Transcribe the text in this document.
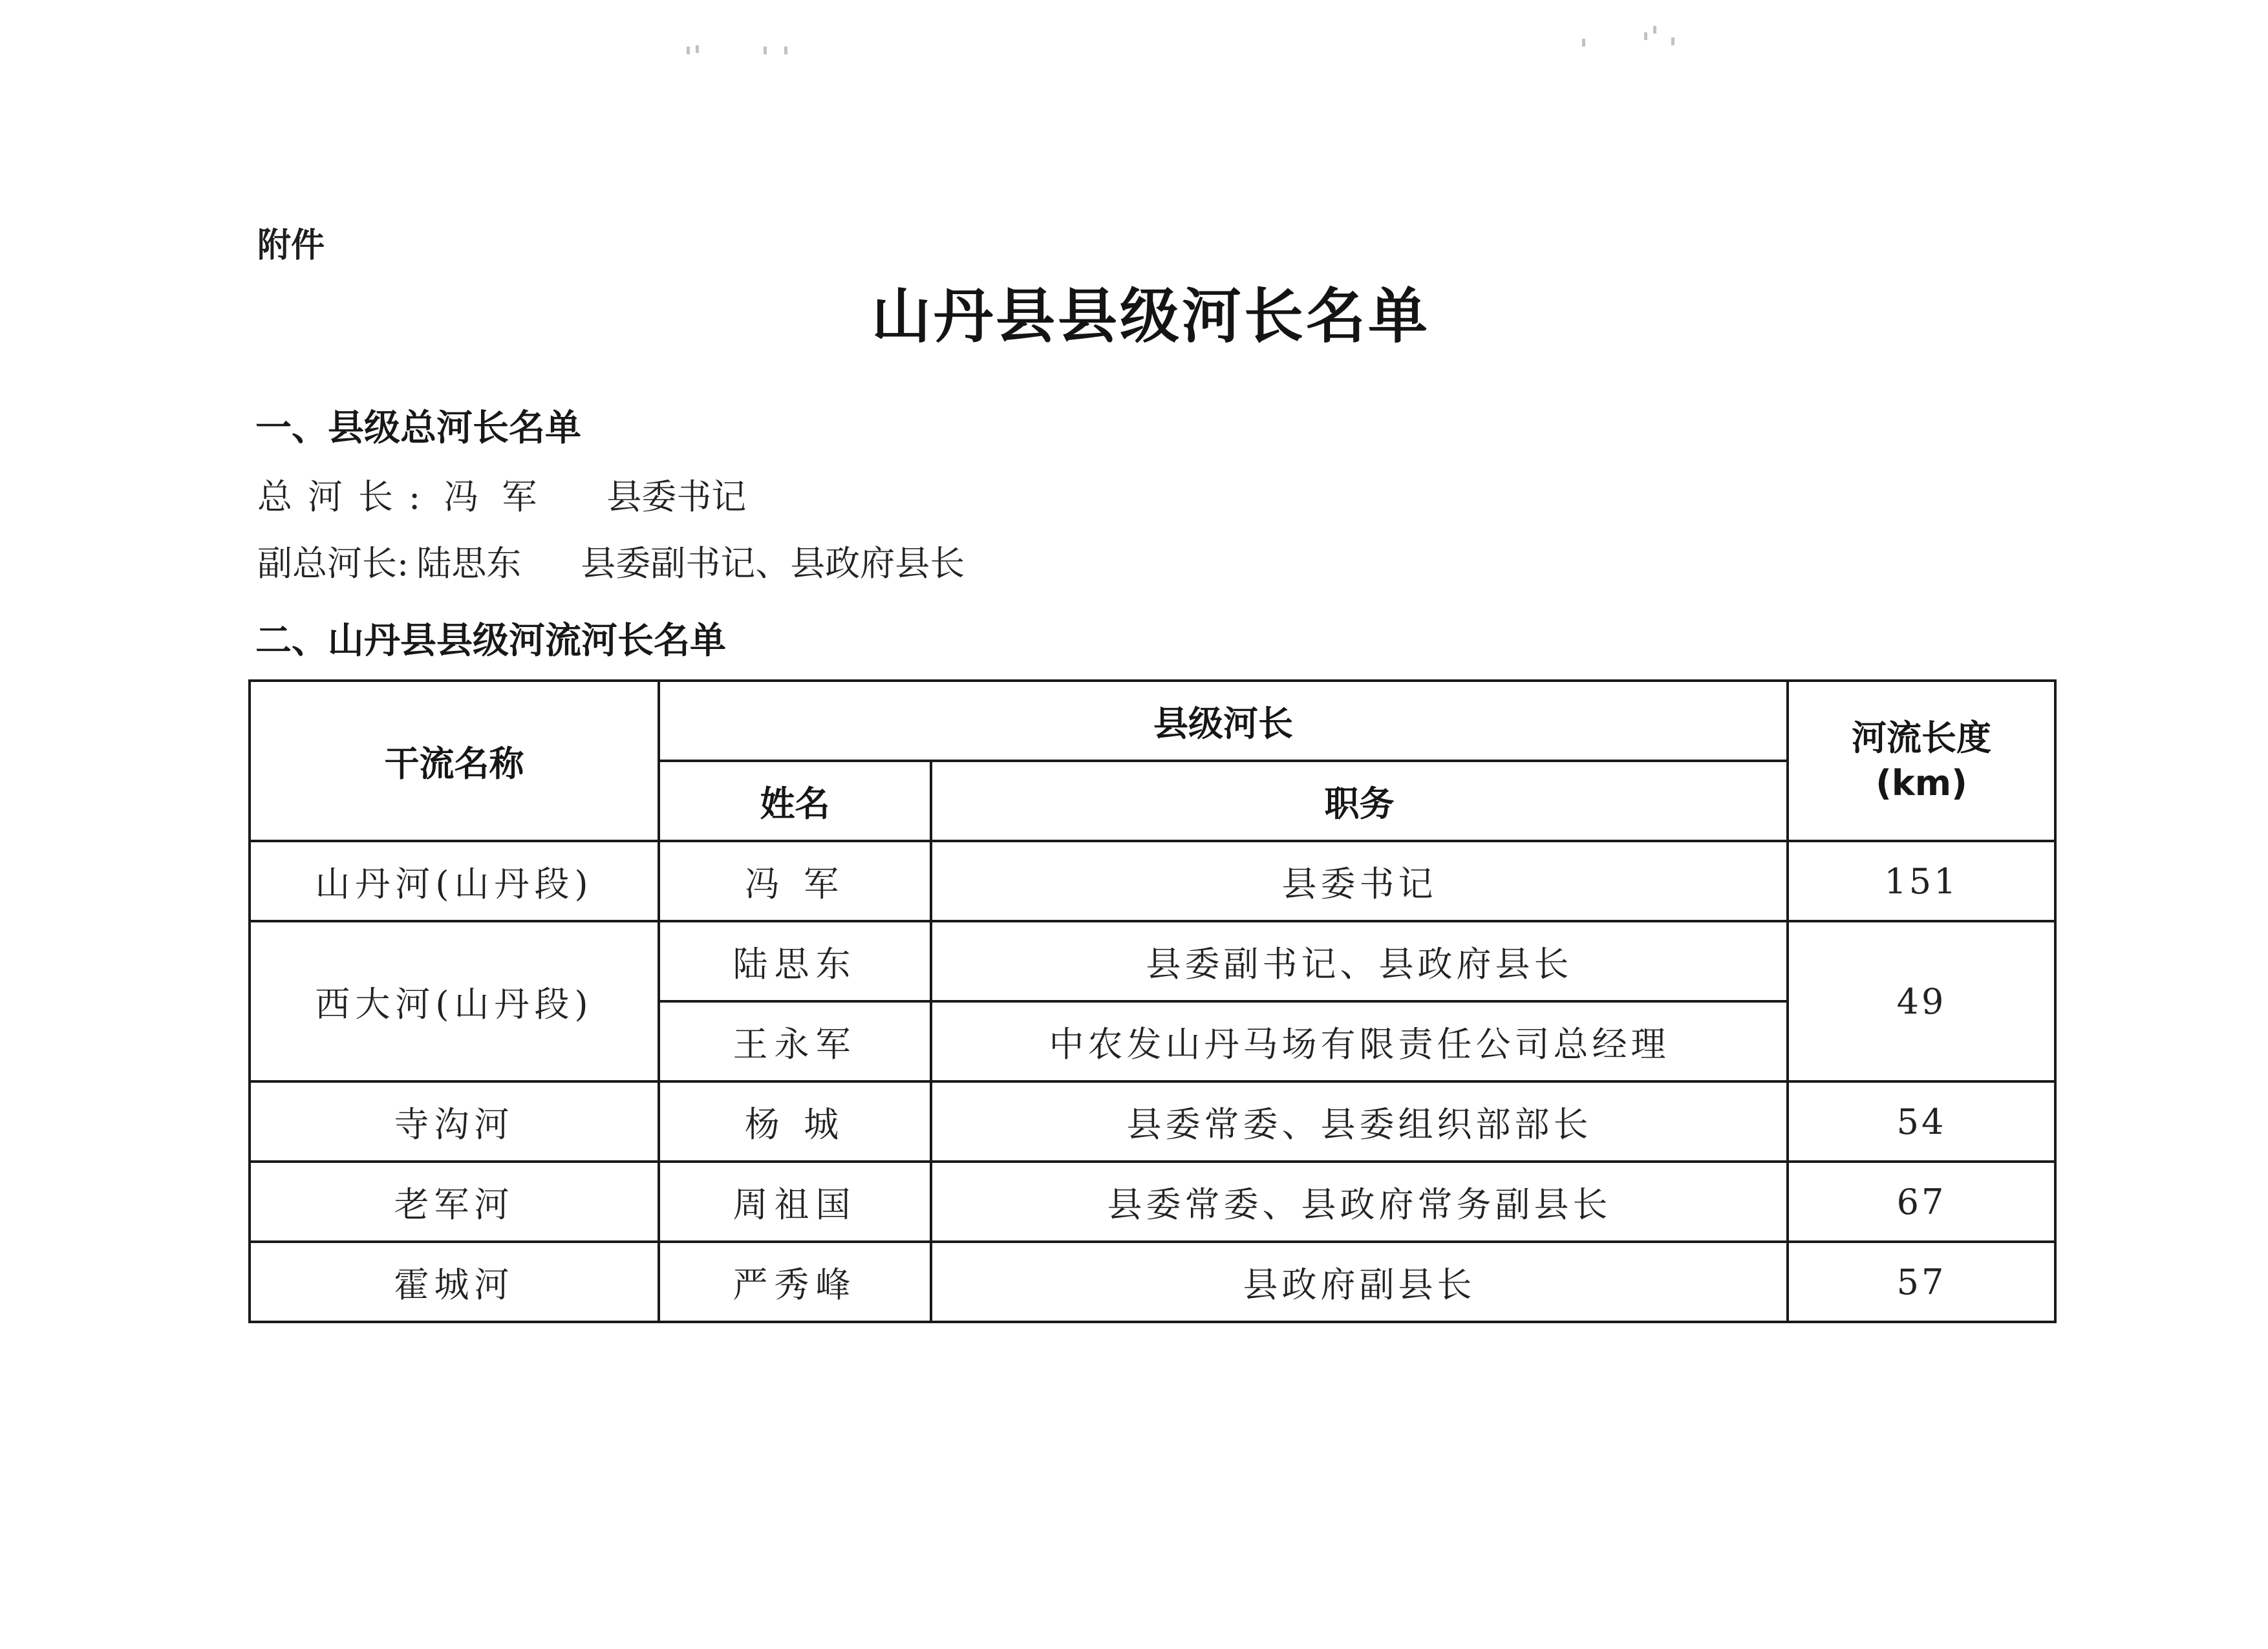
附件
山丹县县级河长名单
一、县级总河长名单
总河长: 冯军 县委书记
副总河长: 陆思东 县委副书记、县政府县长
二、山丹县县级河流河长名单
干流名称	县级河长		河流长度
(km)
	姓名	职务	
山丹河(山丹段)	冯 军	县委书记	151
西大河(山丹段)	陆思东	县委副书记、县政府县长	49
	王永军	中农发山丹马场有限责任公司总经理	
寺沟河	杨 城	县委常委、县委组织部部长	54
老军河	周祖国	县委常委、县政府常务副县长	67
霍城河	严秀峰	县政府副县长	57
